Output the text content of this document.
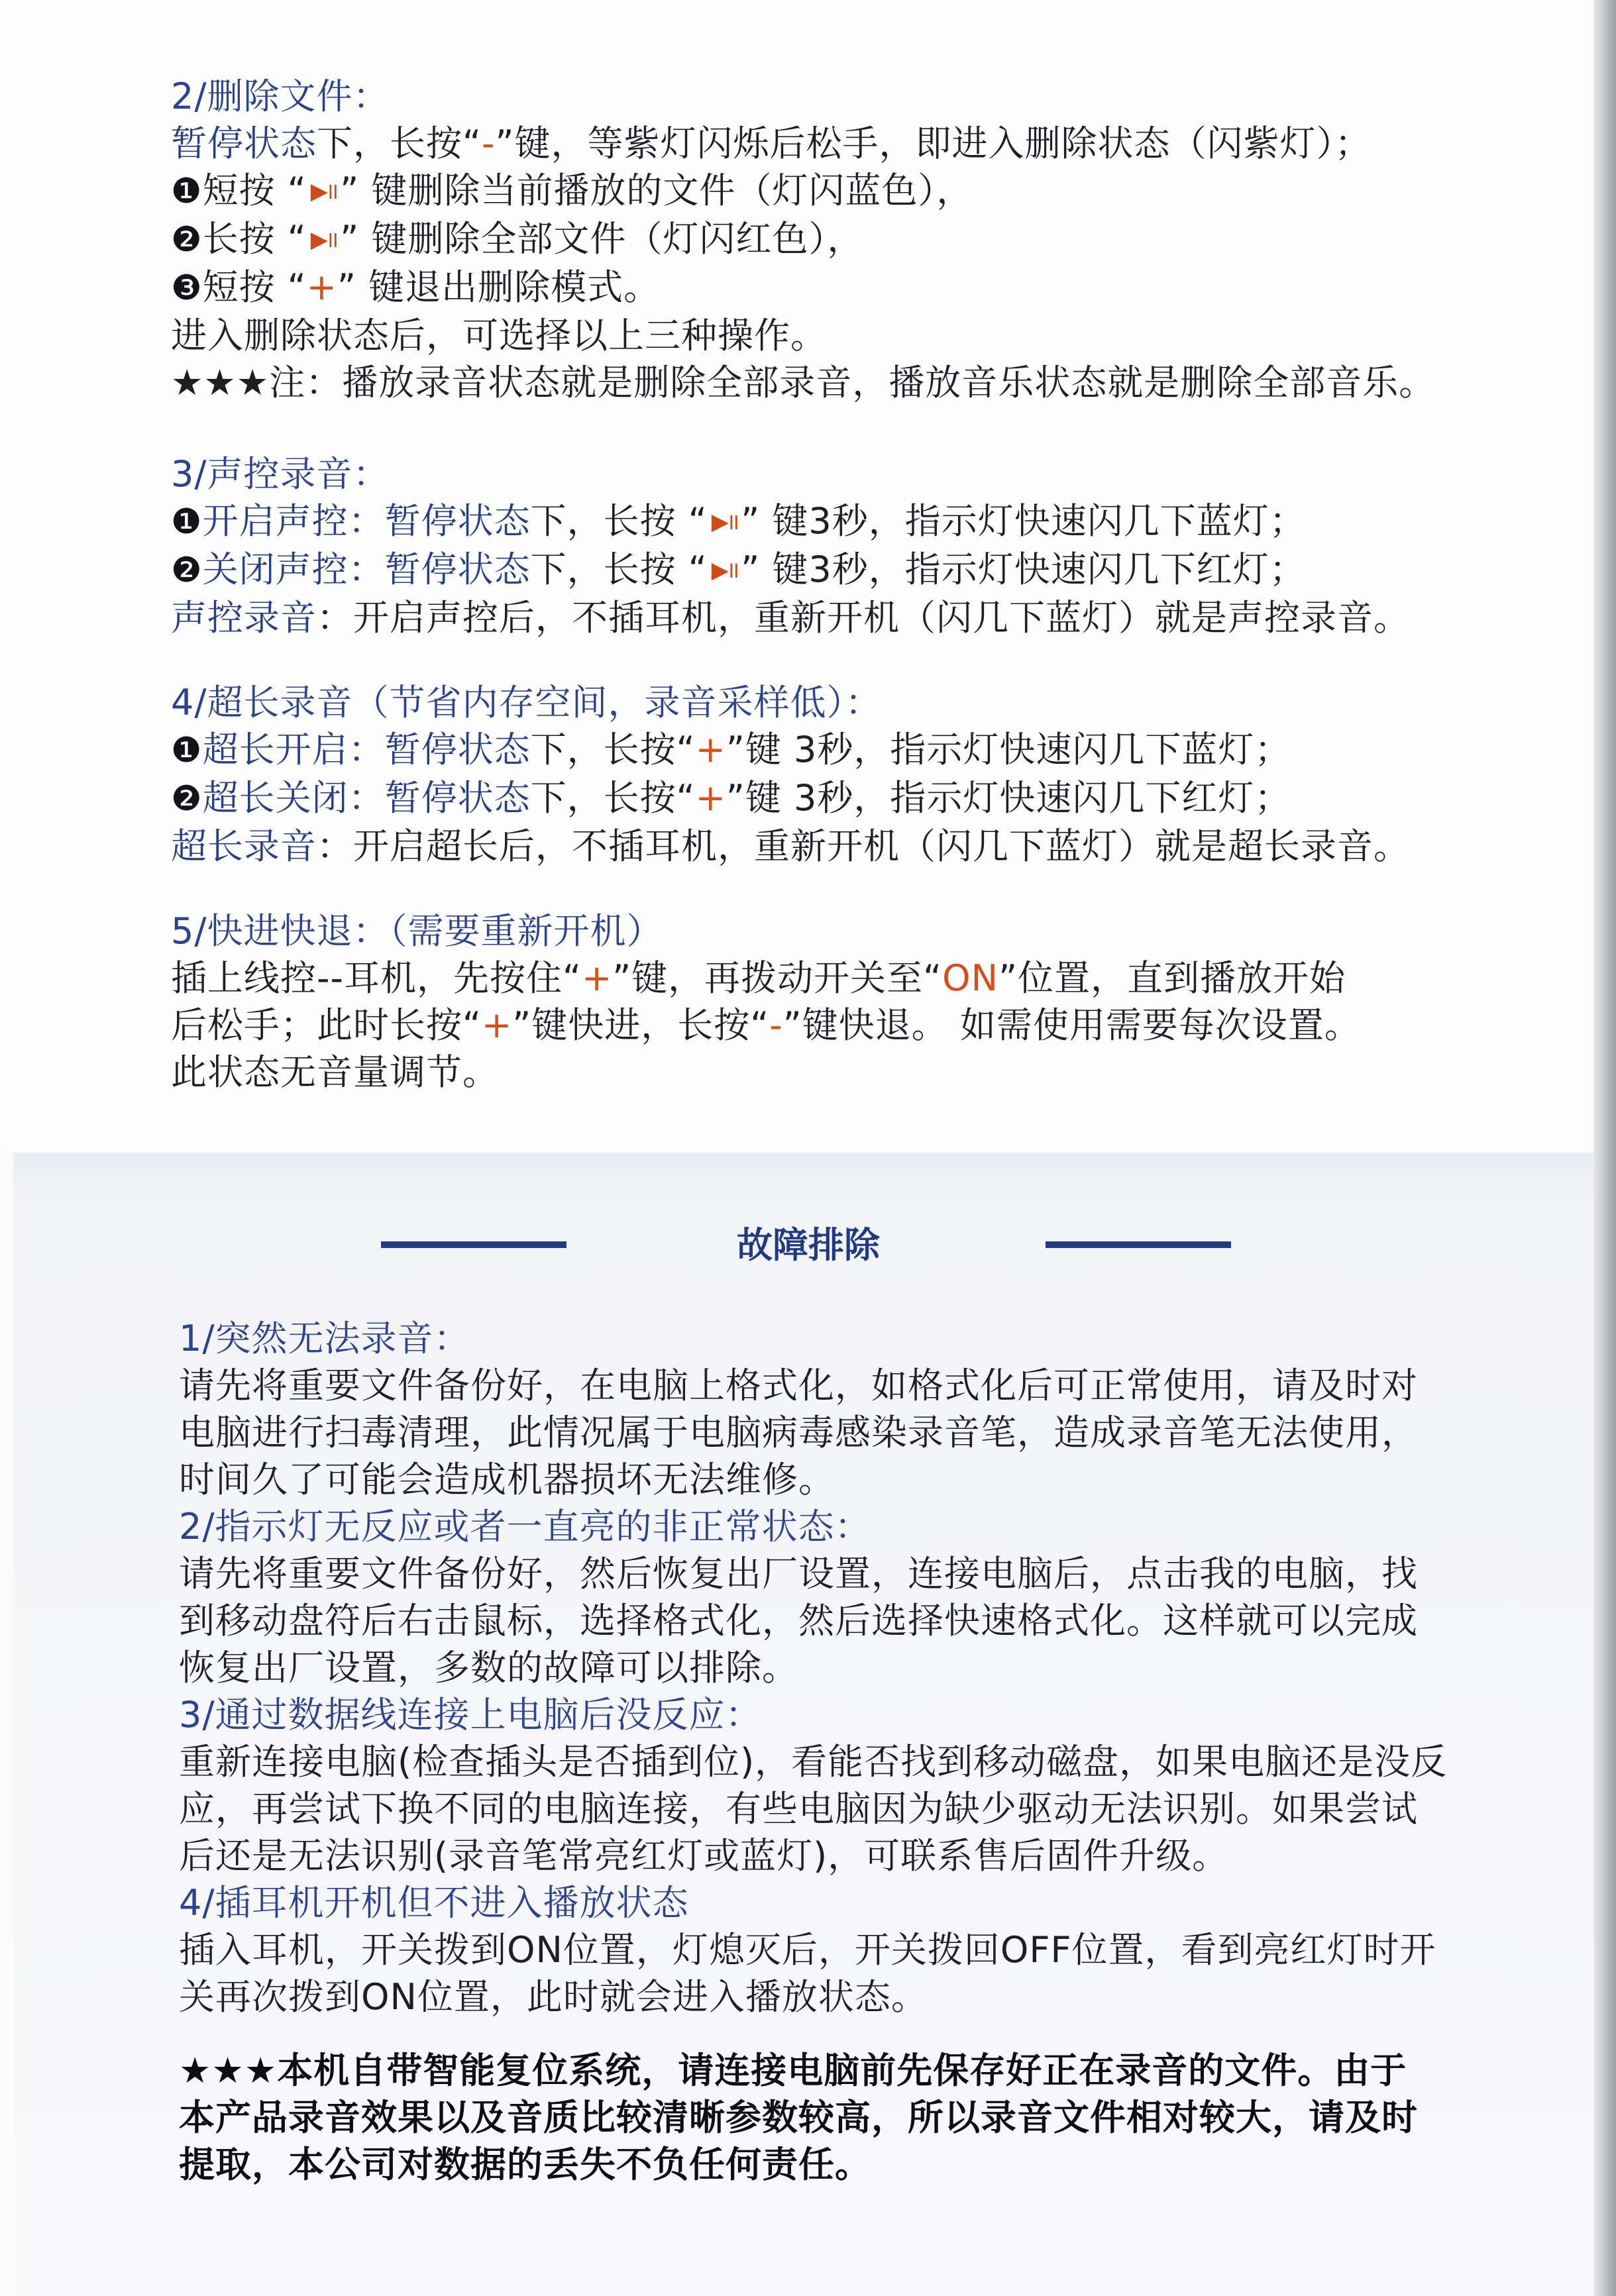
2/删除文件：
暂停状态下，长按“-”键，等紫灯闪烁后松手，即进入删除状态（闪紫灯）；
❶短按 “ ▶॥ ” 键删除当前播放的文件（灯闪蓝色），
❷长按 “ ▶॥ ” 键删除全部文件（灯闪红色），
❸短按 “+” 键退出删除模式。
进入删除状态后，可选择以上三种操作。
★★★注：播放录音状态就是删除全部录音，播放音乐状态就是删除全部音乐。
3/声控录音：
❶开启声控：暂停状态下，长按 “ ▶॥ ” 键3秒，指示灯快速闪几下蓝灯；
❷关闭声控：暂停状态下，长按 “ ▶॥ ” 键3秒，指示灯快速闪几下红灯；
声控录音：开启声控后，不插耳机，重新开机（闪几下蓝灯）就是声控录音。
4/超长录音（节省内存空间，录音采样低）：
❶超长开启：暂停状态下，长按“+”键 3秒，指示灯快速闪几下蓝灯；
❷超长关闭：暂停状态下，长按“+”键 3秒，指示灯快速闪几下红灯；
超长录音：开启超长后，不插耳机，重新开机（闪几下蓝灯）就是超长录音。
5/快进快退：（需要重新开机）
插上线控--耳机，先按住“+”键，再拨动开关至“ON”位置，直到播放开始
后松手；此时长按“+”键快进，长按“-”键快退。 如需使用需要每次设置。
此状态无音量调节。
故障排除
1/突然无法录音：
请先将重要文件备份好，在电脑上格式化，如格式化后可正常使用，请及时对
电脑进行扫毒清理，此情况属于电脑病毒感染录音笔，造成录音笔无法使用，
时间久了可能会造成机器损坏无法维修。
2/指示灯无反应或者一直亮的非正常状态：
请先将重要文件备份好，然后恢复出厂设置，连接电脑后，点击我的电脑，找
到移动盘符后右击鼠标，选择格式化，然后选择快速格式化。这样就可以完成
恢复出厂设置，多数的故障可以排除。
3/通过数据线连接上电脑后没反应：
重新连接电脑(检查插头是否插到位)，看能否找到移动磁盘，如果电脑还是没反
应，再尝试下换不同的电脑连接，有些电脑因为缺少驱动无法识别。如果尝试
后还是无法识别(录音笔常亮红灯或蓝灯)，可联系售后固件升级。
4/插耳机开机但不进入播放状态
插入耳机，开关拨到ON位置，灯熄灭后，开关拨回OFF位置，看到亮红灯时开
关再次拨到ON位置，此时就会进入播放状态。
★★★本机自带智能复位系统，请连接电脑前先保存好正在录音的文件。由于
本产品录音效果以及音质比较清晰参数较高，所以录音文件相对较大，请及时
提取，本公司对数据的丢失不负任何责任。
